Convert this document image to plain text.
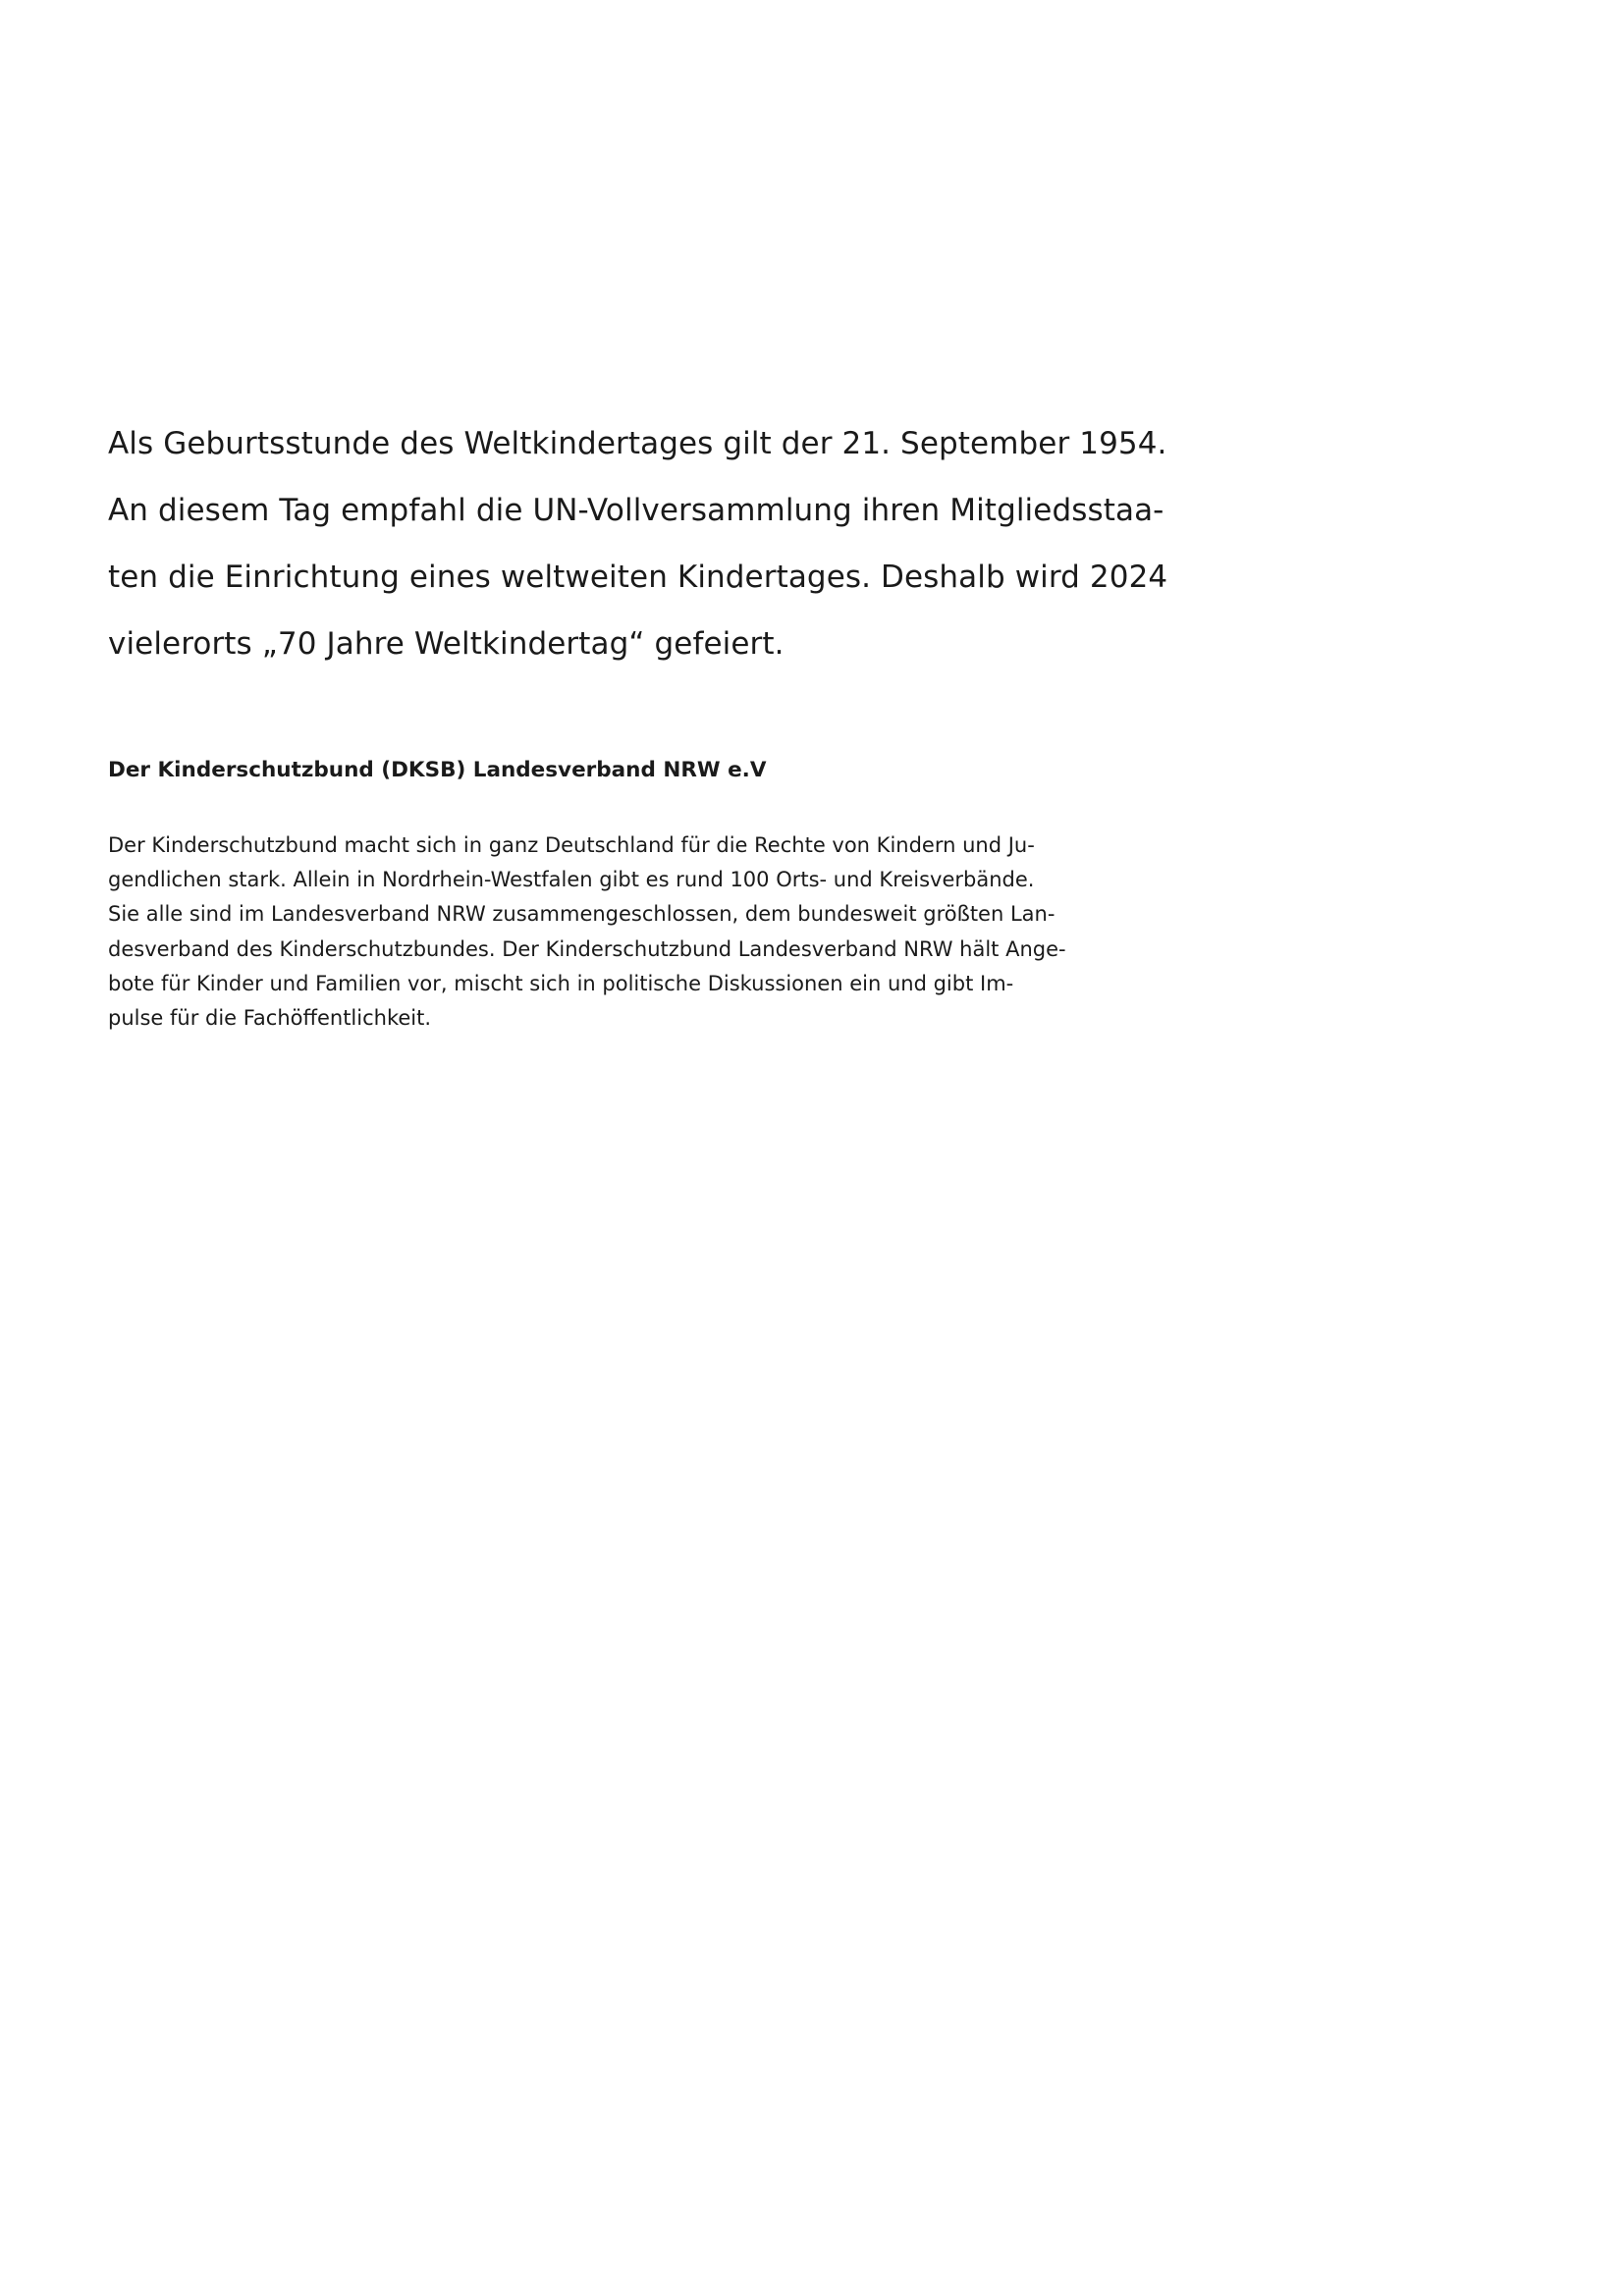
Als Geburtsstunde des Weltkindertages gilt der 21. September 1954.
An diesem Tag empfahl die UN-Vollversammlung ihren Mitgliedsstaa-
ten die Einrichtung eines weltweiten Kindertages. Deshalb wird 2024
vielerorts „70 Jahre Weltkindertag“ gefeiert.

Der Kinderschutzbund (DKSB) Landesverband NRW e.V

Der Kinderschutzbund macht sich in ganz Deutschland für die Rechte von Kindern und Ju-
gendlichen stark. Allein in Nordrhein-Westfalen gibt es rund 100 Orts- und Kreisverbände.
Sie alle sind im Landesverband NRW zusammengeschlossen, dem bundesweit größten Lan-
desverband des Kinderschutzbundes. Der Kinderschutzbund Landesverband NRW hält Ange-
bote für Kinder und Familien vor, mischt sich in politische Diskussionen ein und gibt Im-
pulse für die Fachöffentlichkeit.
